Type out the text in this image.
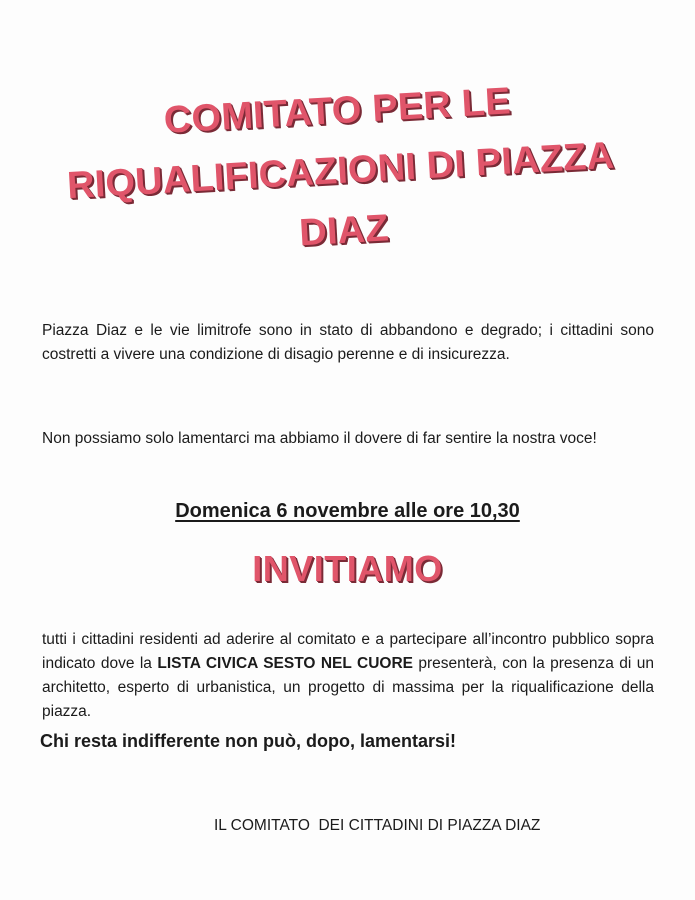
COMITATO PER LE
RIQUALIFICAZIONI DI PIAZZA
DIAZ
Piazza Diaz e le vie limitrofe sono in stato di abbandono e degrado; i cittadini sono costretti a vivere una condizione di disagio perenne e di insicurezza.
Non possiamo solo lamentarci ma abbiamo il dovere di far sentire la nostra voce!
Domenica 6 novembre alle ore 10,30
INVITIAMO
tutti i cittadini residenti ad aderire al comitato e a partecipare all’incontro pubblico sopra indicato dove la LISTA CIVICA SESTO NEL CUORE presenterà, con la presenza di un architetto, esperto di urbanistica, un progetto di massima per la riqualificazione della piazza.
Chi resta indifferente non può, dopo, lamentarsi!
IL COMITATO  DEI CITTADINI DI PIAZZA DIAZ
